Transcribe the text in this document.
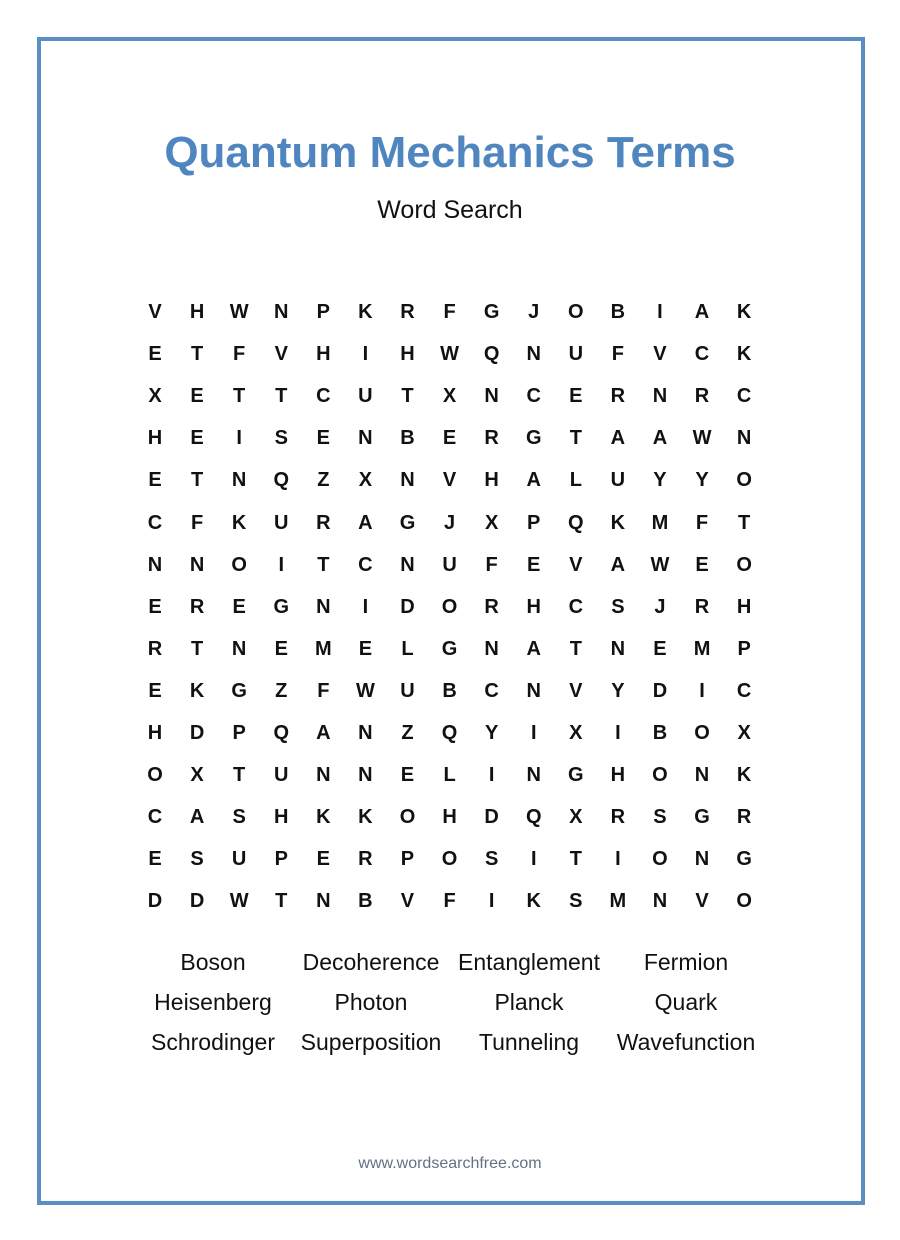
Quantum Mechanics Terms
Word Search
V	H	W	N	P	K	R	F	G	J	O	B	I	A	K
E	T	F	V	H	I	H	W	Q	N	U	F	V	C	K
X	E	T	T	C	U	T	X	N	C	E	R	N	R	C
H	E	I	S	E	N	B	E	R	G	T	A	A	W	N
E	T	N	Q	Z	X	N	V	H	A	L	U	Y	Y	O
C	F	K	U	R	A	G	J	X	P	Q	K	M	F	T
N	N	O	I	T	C	N	U	F	E	V	A	W	E	O
E	R	E	G	N	I	D	O	R	H	C	S	J	R	H
R	T	N	E	M	E	L	G	N	A	T	N	E	M	P
E	K	G	Z	F	W	U	B	C	N	V	Y	D	I	C
H	D	P	Q	A	N	Z	Q	Y	I	X	I	B	O	X
O	X	T	U	N	N	E	L	I	N	G	H	O	N	K
C	A	S	H	K	K	O	H	D	Q	X	R	S	G	R
E	S	U	P	E	R	P	O	S	I	T	I	O	N	G
D	D	W	T	N	B	V	F	I	K	S	M	N	V	O
Boson	Decoherence Entanglement	Fermion
Heisenberg	Photon	Planck	Quark
Schrodinger	Superposition	Tunneling	Wavefunction
www.wordsearchfree.com
